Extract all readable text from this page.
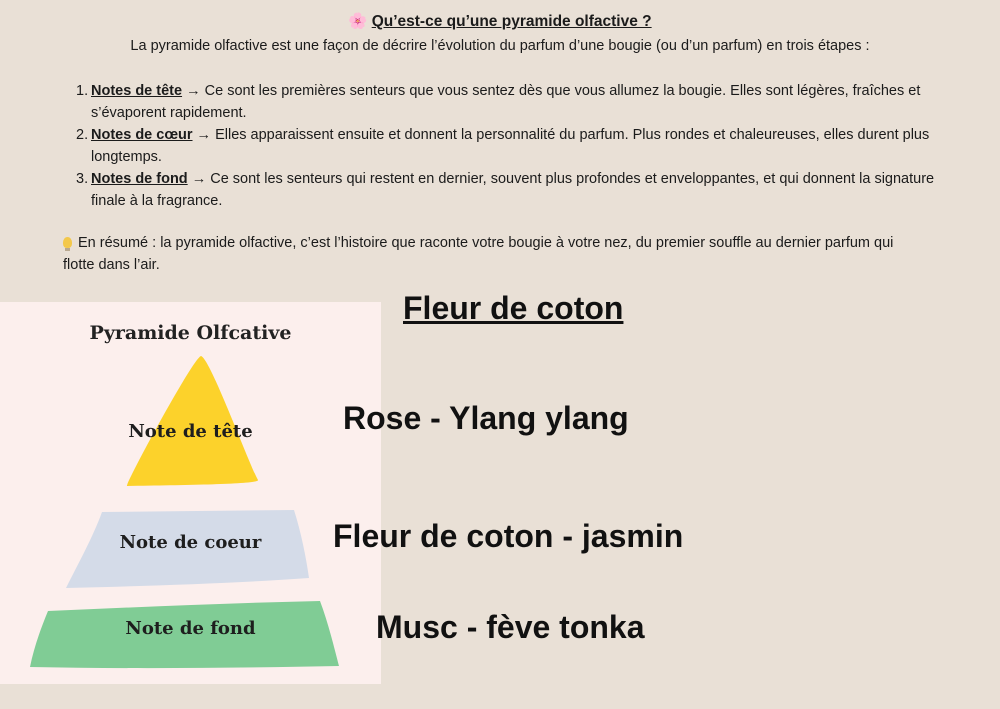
🌸 Qu’est-ce qu’une pyramide olfactive ?
La pyramide olfactive est une façon de décrire l’évolution du parfum d’une bougie (ou d’un parfum) en trois étapes :
1. Notes de tête → Ce sont les premières senteurs que vous sentez dès que vous allumez la bougie. Elles sont légères, fraîches et s’évaporent rapidement.
2. Notes de cœur → Elles apparaissent ensuite et donnent la personnalité du parfum. Plus rondes et chaleureuses, elles durent plus longtemps.
3. Notes de fond → Ce sont les senteurs qui restent en dernier, souvent plus profondes et enveloppantes, et qui donnent la signature finale à la fragrance.
En résumé : la pyramide olfactive, c’est l’histoire que raconte votre bougie à votre nez, du premier souffle au dernier parfum qui flotte dans l’air.
Pyramide Olfcative
Note de tête
Note de coeur
Note de fond
Fleur de coton
Rose - Ylang ylang
Fleur de coton - jasmin
Musc - fève tonka
